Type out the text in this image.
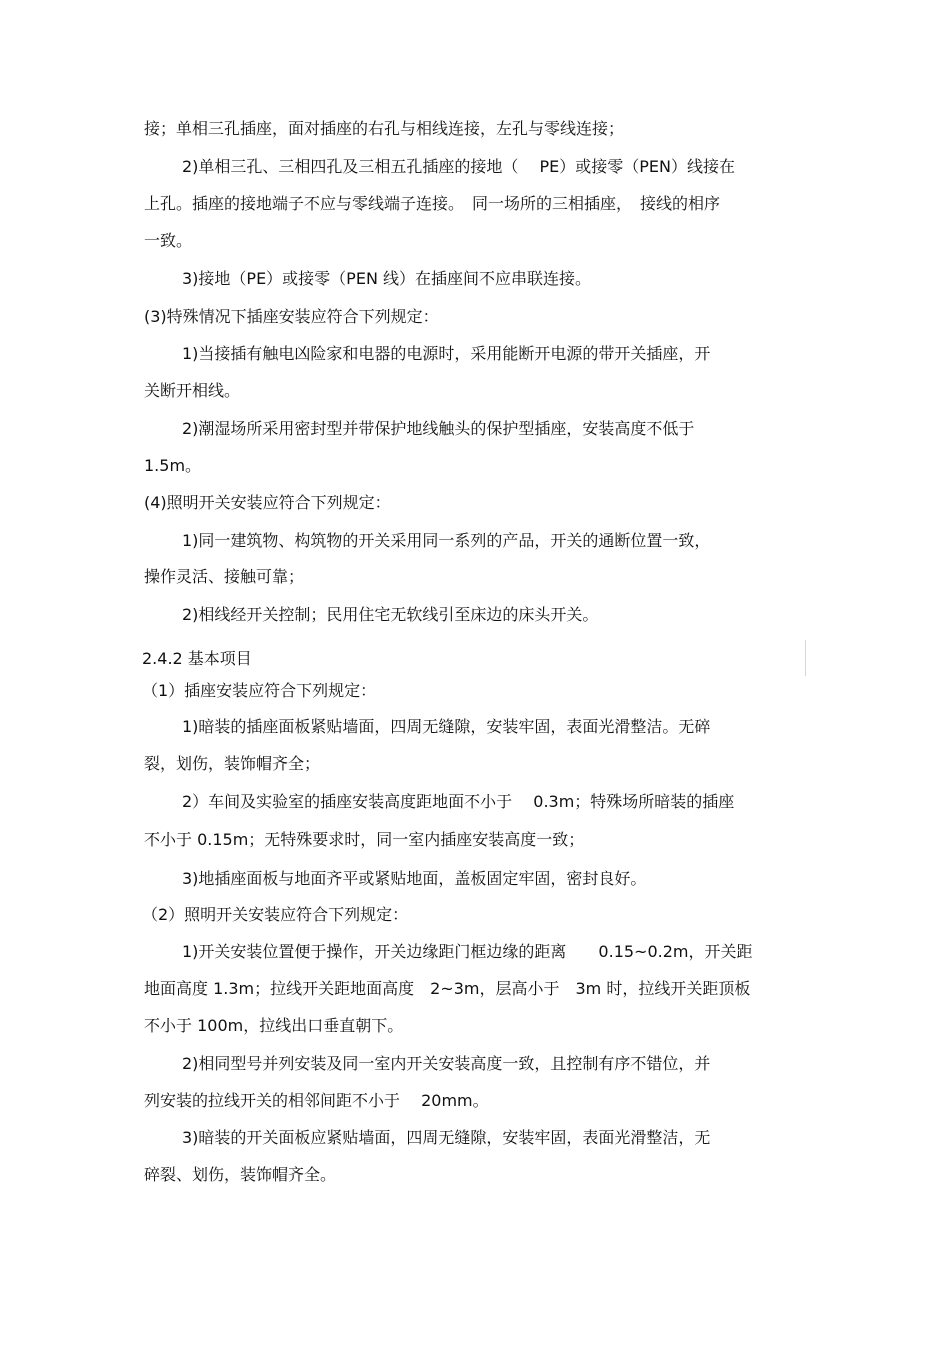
接；单相三孔插座，面对插座的右孔与相线连接，左孔与零线连接；
2)单相三孔、三相四孔及三相五孔插座的接地（　 PE）或接零（PEN）线接在
上孔。插座的接地端子不应与零线端子连接。　同一场所的三相插座，　接线的相序
一致。
3)接地（PE）或接零（PEN 线）在插座间不应串联连接。
(3)特殊情况下插座安装应符合下列规定：
1)当接插有触电凶险家和电器的电源时，采用能断开电源的带开关插座，开
关断开相线。
2)潮湿场所采用密封型并带保护地线触头的保护型插座，安装高度不低于
1.5m。
(4)照明开关安装应符合下列规定：
1)同一建筑物、构筑物的开关采用同一系列的产品，开关的通断位置一致，
操作灵活、接触可靠；
2)相线经开关控制；民用住宅无软线引至床边的床头开关。
2.4.2 基本项目
（1）插座安装应符合下列规定：
1)暗装的插座面板紧贴墙面，四周无缝隙，安装牢固，表面光滑整洁。无碎
裂，划伤，装饰帽齐全；
2）车间及实验室的插座安装高度距地面不小于　 0.3m；特殊场所暗装的插座
不小于 0.15m；无特殊要求时，同一室内插座安装高度一致；
3)地插座面板与地面齐平或紧贴地面，盖板固定牢固，密封良好。
（2）照明开关安装应符合下列规定：
1)开关安装位置便于操作，开关边缘距门框边缘的距离　　0.15~0.2m，开关距
地面高度 1.3m；拉线开关距地面高度　2~3m，层高小于　3m 时，拉线开关距顶板
不小于 100m，拉线出口垂直朝下。
2)相同型号并列安装及同一室内开关安装高度一致，且控制有序不错位，并
列安装的拉线开关的相邻间距不小于　 20mm。
3)暗装的开关面板应紧贴墙面，四周无缝隙，安装牢固，表面光滑整洁，无
碎裂、划伤，装饰帽齐全。
